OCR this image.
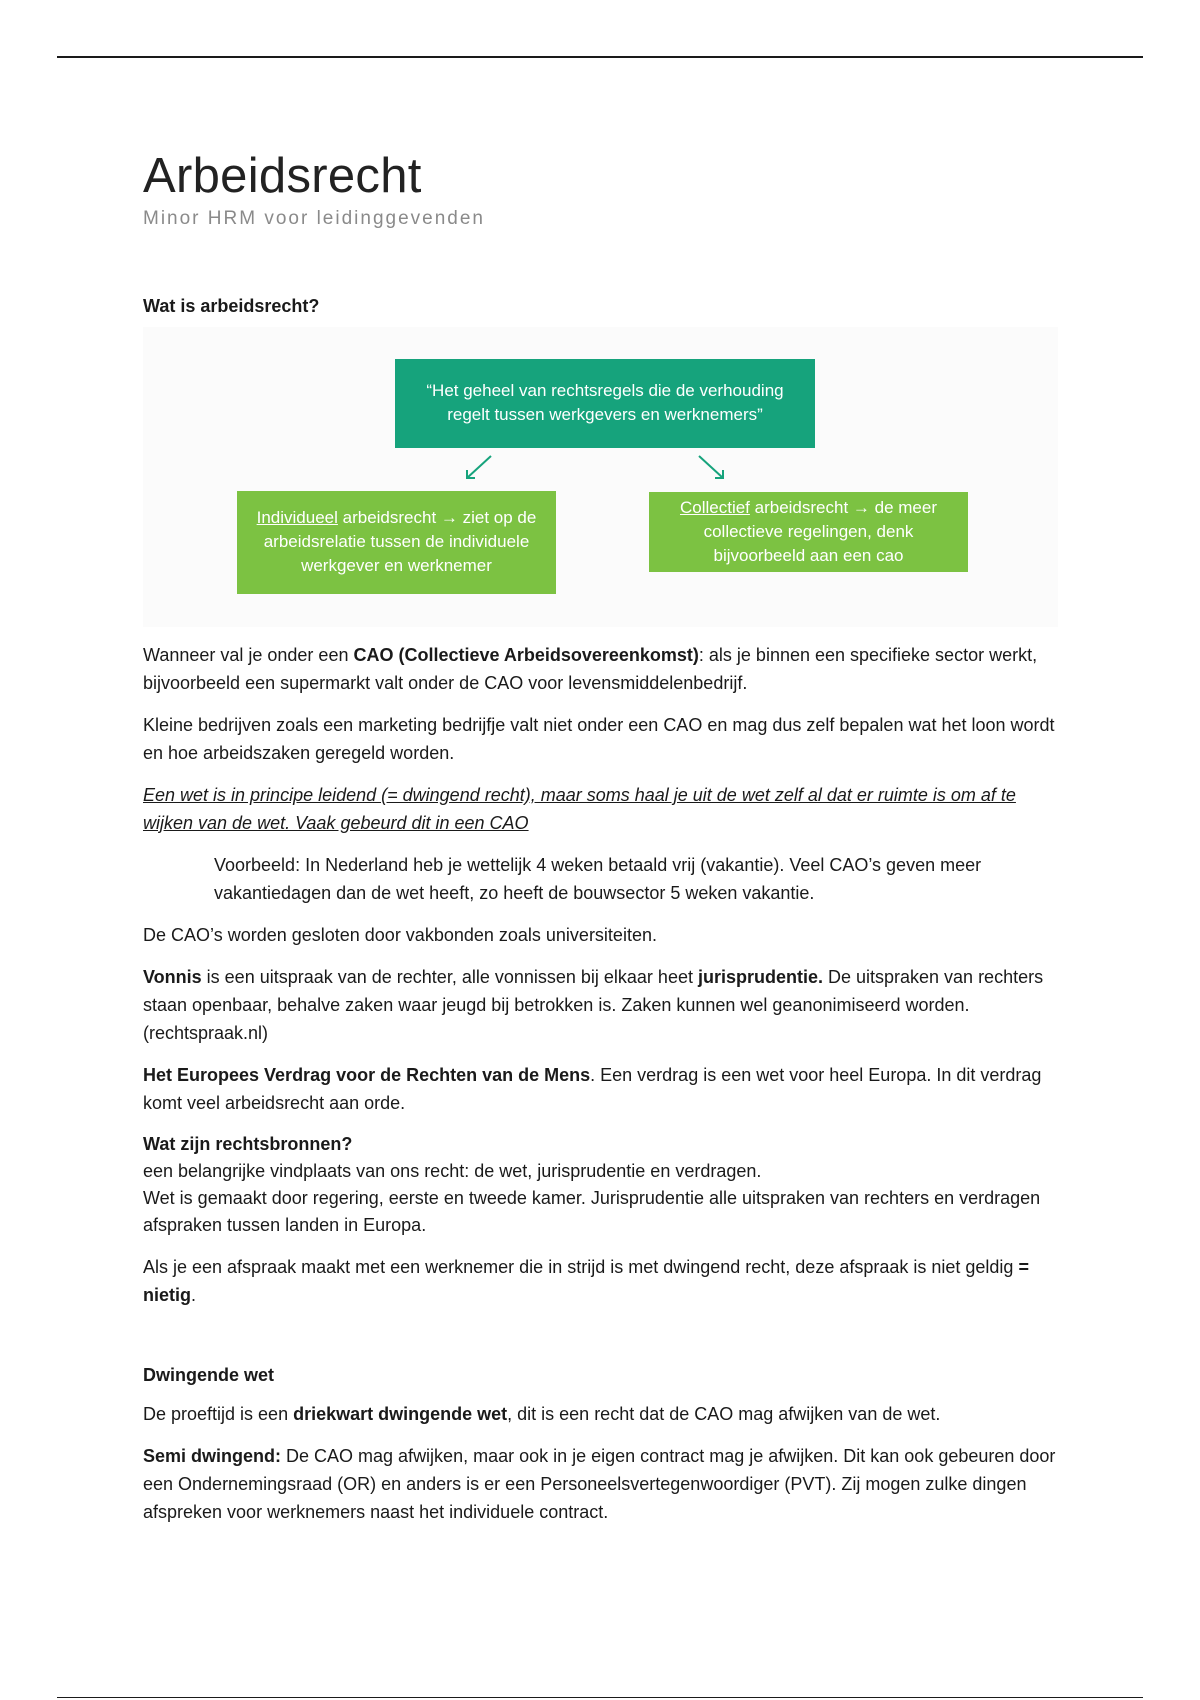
Arbeidsrecht
Minor HRM voor leidinggevenden
Wat is arbeidsrecht?
“Het geheel van rechtsregels die de verhouding regelt tussen werkgevers en werknemers”
Individueel arbeidsrecht → ziet op de arbeidsrelatie tussen de individuele werkgever en werknemer
Collectief arbeidsrecht → de meer collectieve regelingen, denk bijvoorbeeld aan een cao

Wanneer val je onder een CAO (Collectieve Arbeidsovereenkomst): als je binnen een specifieke sector werkt, bijvoorbeeld een supermarkt valt onder de CAO voor levensmiddelenbedrijf.

Kleine bedrijven zoals een marketing bedrijfje valt niet onder een CAO en mag dus zelf bepalen wat het loon wordt en hoe arbeidszaken geregeld worden.

Een wet is in principe leidend (= dwingend recht), maar soms haal je uit de wet zelf al dat er ruimte is om af te wijken van de wet. Vaak gebeurd dit in een CAO

Voorbeeld: In Nederland heb je wettelijk 4 weken betaald vrij (vakantie). Veel CAO’s geven meer vakantiedagen dan de wet heeft, zo heeft de bouwsector 5 weken vakantie.

De CAO’s worden gesloten door vakbonden zoals universiteiten.

Vonnis is een uitspraak van de rechter, alle vonnissen bij elkaar heet jurisprudentie. De uitspraken van rechters staan openbaar, behalve zaken waar jeugd bij betrokken is. Zaken kunnen wel geanonimiseerd worden. (rechtspraak.nl)

Het Europees Verdrag voor de Rechten van de Mens. Een verdrag is een wet voor heel Europa. In dit verdrag komt veel arbeidsrecht aan orde.

Wat zijn rechtsbronnen?
een belangrijke vindplaats van ons recht: de wet, jurisprudentie en verdragen.
Wet is gemaakt door regering, eerste en tweede kamer. Jurisprudentie alle uitspraken van rechters en verdragen afspraken tussen landen in Europa.

Als je een afspraak maakt met een werknemer die in strijd is met dwingend recht, deze afspraak is niet geldig = nietig.

Dwingende wet

De proeftijd is een driekwart dwingende wet, dit is een recht dat de CAO mag afwijken van de wet.

Semi dwingend: De CAO mag afwijken, maar ook in je eigen contract mag je afwijken. Dit kan ook gebeuren door een Ondernemingsraad (OR) en anders is er een Personeelsvertegenwoordiger (PVT). Zij mogen zulke dingen afspreken voor werknemers naast het individuele contract.
